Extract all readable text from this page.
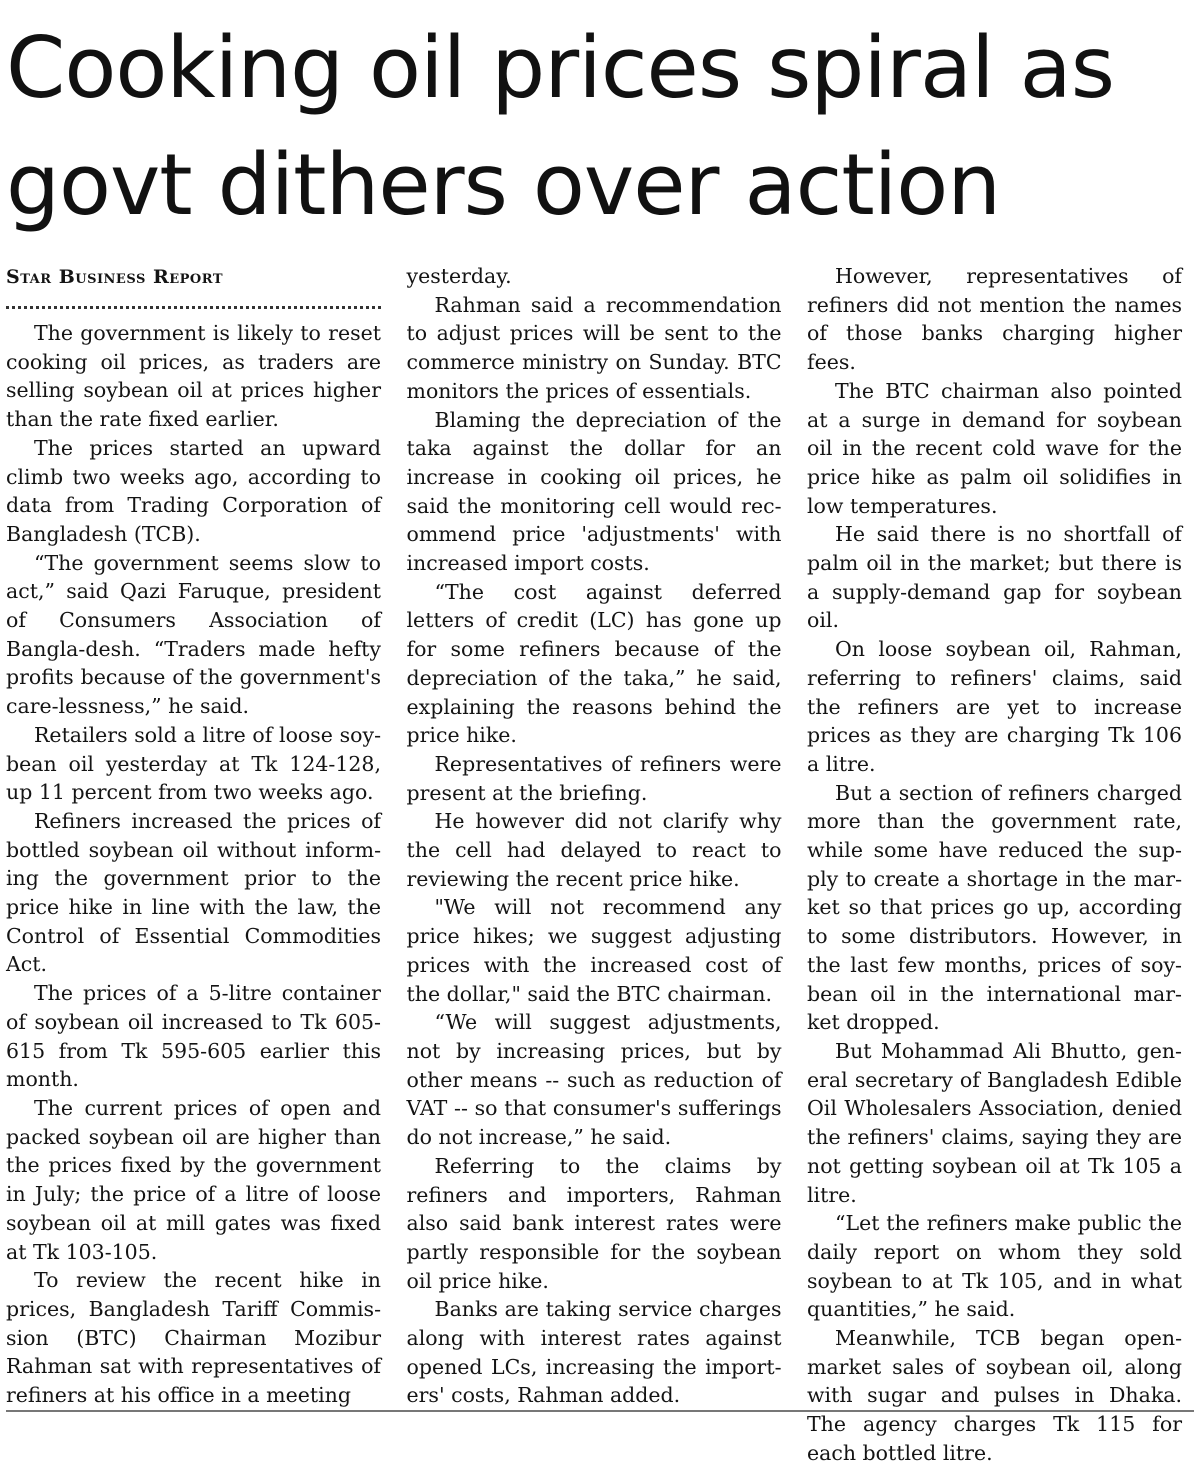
Cooking oil prices spiral as govt dithers over action
Star Business Report

The government is likely to reset cooking oil prices, as traders are selling soybean oil at prices higher than the rate fixed earlier.

The prices started an upward climb two weeks ago, according to data from Trading Corporation of Bangladesh (TCB).

“The government seems slow to act,” said Qazi Faruque, president of Consumers Association of Bangla-desh. “Traders made hefty profits because of the government's care-lessness,” he said.

Retailers sold a litre of loose soy-bean oil yesterday at Tk 124-128, up 11 percent from two weeks ago.

Refiners increased the prices of bottled soybean oil without inform-ing the government prior to the price hike in line with the law, the Control of Essential Commodities Act.

The prices of a 5-litre container of soybean oil increased to Tk 605-615 from Tk 595-605 earlier this month.

The current prices of open and packed soybean oil are higher than the prices fixed by the government in July; the price of a litre of loose soybean oil at mill gates was fixed at Tk 103-105.

To review the recent hike in prices, Bangladesh Tariff Commis-sion (BTC) Chairman Mozibur Rahman sat with representatives of refiners at his office in a meeting

yesterday.

Rahman said a recommendation to adjust prices will be sent to the commerce ministry on Sunday. BTC monitors the prices of essentials.

Blaming the depreciation of the taka against the dollar for an increase in cooking oil prices, he said the monitoring cell would rec-ommend price 'adjustments' with increased import costs.

“The cost against deferred letters of credit (LC) has gone up for some refiners because of the depreciation of the taka,” he said, explaining the reasons behind the price hike.

Representatives of refiners were present at the briefing.

He however did not clarify why the cell had delayed to react to reviewing the recent price hike.

"We will not recommend any price hikes; we suggest adjusting prices with the increased cost of the dollar," said the BTC chairman.

“We will suggest adjustments, not by increasing prices, but by other means -- such as reduction of VAT -- so that consumer's sufferings do not increase,” he said.

Referring to the claims by refiners and importers, Rahman also said bank interest rates were partly responsible for the soybean oil price hike.

Banks are taking service charges along with interest rates against opened LCs, increasing the import-ers' costs, Rahman added.

However, representatives of refiners did not mention the names of those banks charging higher fees.

The BTC chairman also pointed at a surge in demand for soybean oil in the recent cold wave for the price hike as palm oil solidifies in low temperatures.

He said there is no shortfall of palm oil in the market; but there is a supply-demand gap for soybean oil.

On loose soybean oil, Rahman, referring to refiners' claims, said the refiners are yet to increase prices as they are charging Tk 106 a litre.

But a section of refiners charged more than the government rate, while some have reduced the sup-ply to create a shortage in the mar-ket so that prices go up, according to some distributors. However, in the last few months, prices of soy-bean oil in the international mar-ket dropped.

But Mohammad Ali Bhutto, gen-eral secretary of Bangladesh Edible Oil Wholesalers Association, denied the refiners' claims, saying they are not getting soybean oil at Tk 105 a litre.

“Let the refiners make public the daily report on whom they sold soybean to at Tk 105, and in what quantities,” he said.

Meanwhile, TCB began open-market sales of soybean oil, along with sugar and pulses in Dhaka. The agency charges Tk 115 for each bottled litre.
